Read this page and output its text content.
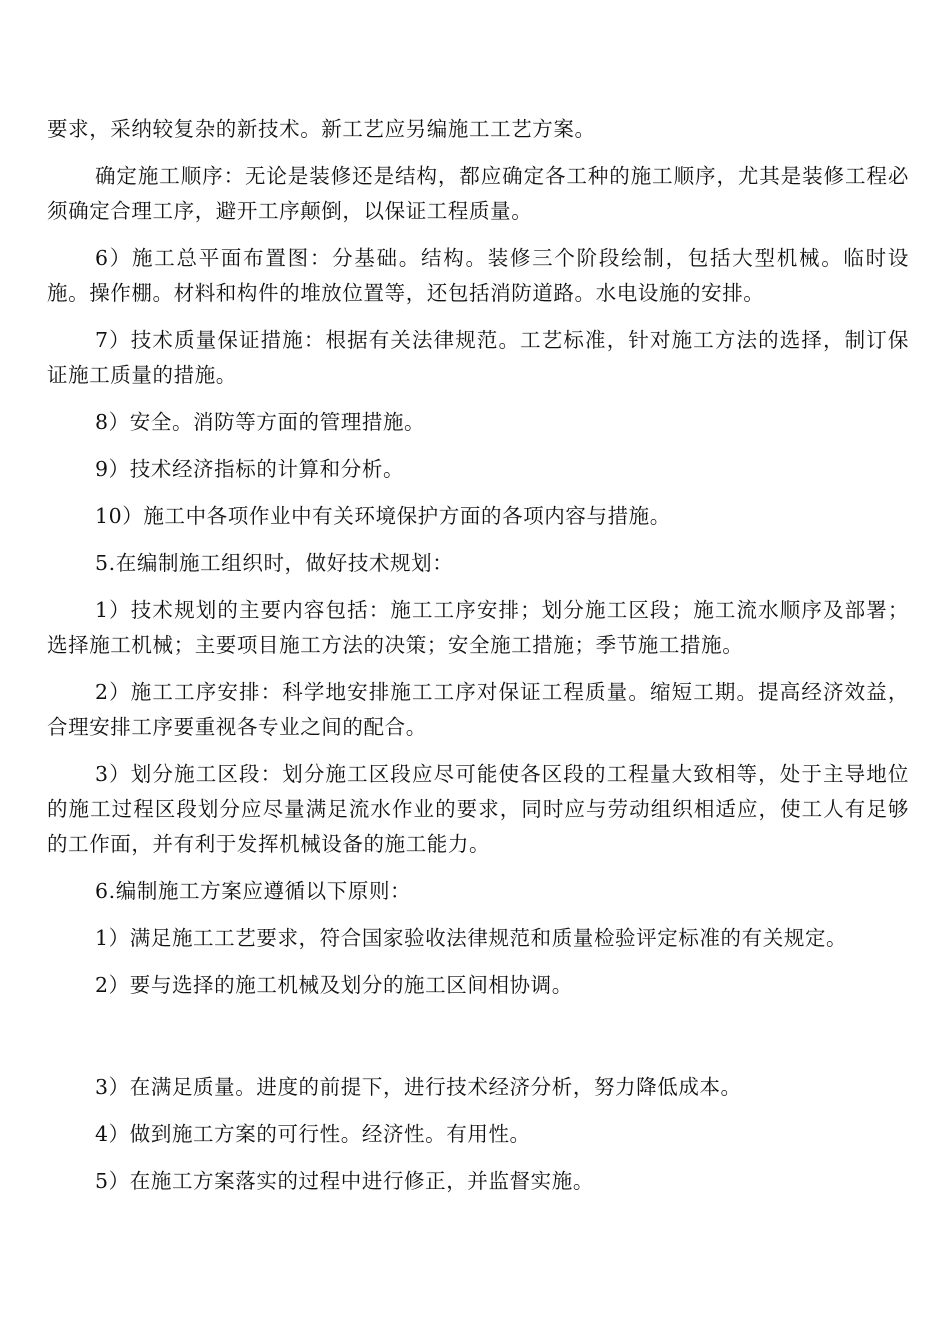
要求，采纳较复杂的新技术。新工艺应另编施工工艺方案。

确定施工顺序：无论是装修还是结构，都应确定各工种的施工顺序，尤其是装修工程必须确定合理工序，避开工序颠倒，以保证工程质量。

6）施工总平面布置图：分基础。结构。装修三个阶段绘制，包括大型机械。临时设施。操作棚。材料和构件的堆放位置等，还包括消防道路。水电设施的安排。

7）技术质量保证措施：根据有关法律规范。工艺标准，针对施工方法的选择，制订保证施工质量的措施。

8）安全。消防等方面的管理措施。

9）技术经济指标的计算和分析。

10）施工中各项作业中有关环境保护方面的各项内容与措施。

5.在编制施工组织时，做好技术规划：

1）技术规划的主要内容包括：施工工序安排；划分施工区段；施工流水顺序及部署；选择施工机械；主要项目施工方法的决策；安全施工措施；季节施工措施。

2）施工工序安排：科学地安排施工工序对保证工程质量。缩短工期。提高经济效益，合理安排工序要重视各专业之间的配合。

3）划分施工区段：划分施工区段应尽可能使各区段的工程量大致相等，处于主导地位的施工过程区段划分应尽量满足流水作业的要求，同时应与劳动组织相适应，使工人有足够的工作面，并有利于发挥机械设备的施工能力。

6.编制施工方案应遵循以下原则：

1）满足施工工艺要求，符合国家验收法律规范和质量检验评定标准的有关规定。

2）要与选择的施工机械及划分的施工区间相协调。

3）在满足质量。进度的前提下，进行技术经济分析，努力降低成本。

4）做到施工方案的可行性。经济性。有用性。

5）在施工方案落实的过程中进行修正，并监督实施。
